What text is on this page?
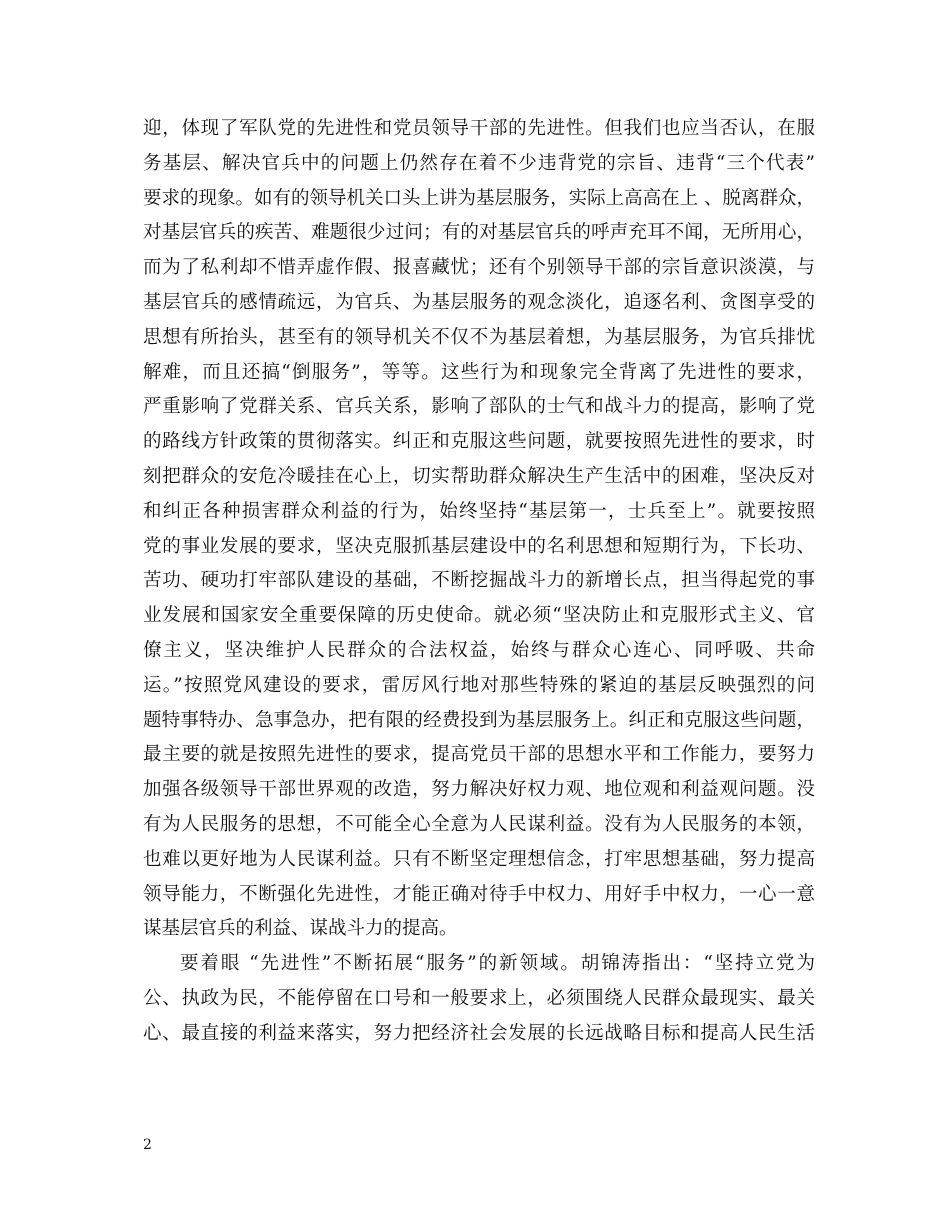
迎，体现了军队党的先进性和党员领导干部的先进性。但我们也应当否认，在服
务基层、解决官兵中的问题上仍然存在着不少违背党的宗旨、违背“三个代表”
要求的现象。如有的领导机关口头上讲为基层服务，实际上高高在上 、脱离群众，
对基层官兵的疾苦、难题很少过问；有的对基层官兵的呼声充耳不闻，无所用心，
而为了私利却不惜弄虚作假、报喜藏忧；还有个别领导干部的宗旨意识淡漠，与
基层官兵的感情疏远，为官兵、为基层服务的观念淡化，追逐名利、贪图享受的
思想有所抬头，甚至有的领导机关不仅不为基层着想，为基层服务，为官兵排忧
解难，而且还搞“倒服务”，等等。这些行为和现象完全背离了先进性的要求，
严重影响了党群关系、官兵关系，影响了部队的士气和战斗力的提高，影响了党
的路线方针政策的贯彻落实。纠正和克服这些问题，就要按照先进性的要求，时
刻把群众的安危冷暖挂在心上，切实帮助群众解决生产生活中的困难，坚决反对
和纠正各种损害群众利益的行为，始终坚持“基层第一，士兵至上”。就要按照
党的事业发展的要求，坚决克服抓基层建设中的名利思想和短期行为，下长功、
苦功、硬功打牢部队建设的基础，不断挖掘战斗力的新增长点，担当得起党的事
业发展和国家安全重要保障的历史使命。就必须“坚决防止和克服形式主义、官
僚主义，坚决维护人民群众的合法权益，始终与群众心连心、同呼吸、共命
运。”按照党风建设的要求，雷厉风行地对那些特殊的紧迫的基层反映强烈的问
题特事特办、急事急办，把有限的经费投到为基层服务上。纠正和克服这些问题，
最主要的就是按照先进性的要求，提高党员干部的思想水平和工作能力，要努力
加强各级领导干部世界观的改造，努力解决好权力观、地位观和利益观问题。没
有为人民服务的思想，不可能全心全意为人民谋利益。没有为人民服务的本领，
也难以更好地为人民谋利益。只有不断坚定理想信念，打牢思想基础，努力提高
领导能力，不断强化先进性，才能正确对待手中权力、用好手中权力，一心一意
谋基层官兵的利益、谋战斗力的提高。
要着眼 “先进性”不断拓展“服务”的新领域。胡锦涛指出：“坚持立党为
公、执政为民，不能停留在口号和一般要求上，必须围绕人民群众最现实、最关
心、最直接的利益来落实，努力把经济社会发展的长远战略目标和提高人民生活
2
